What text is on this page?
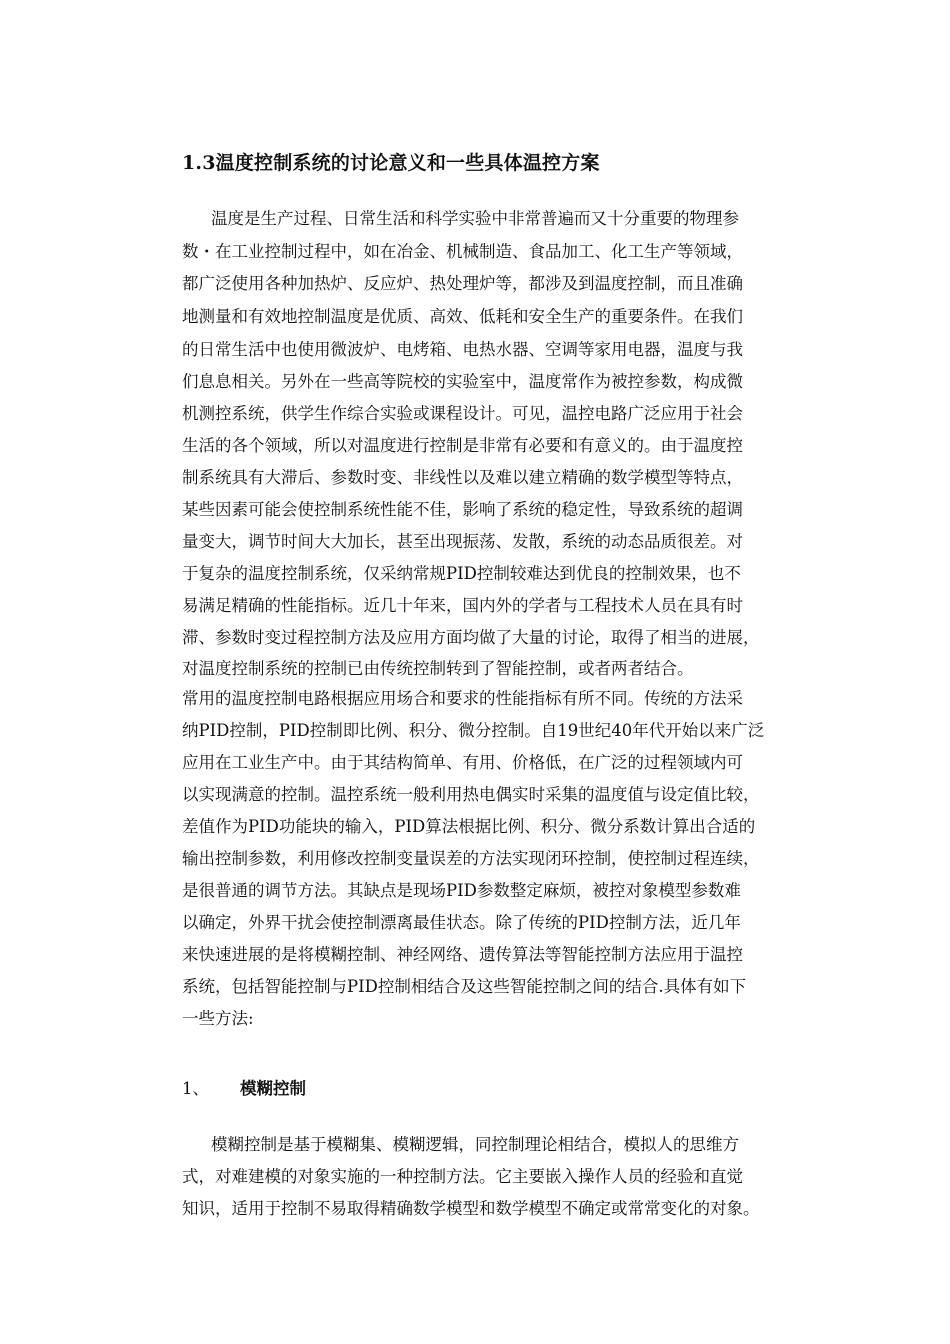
1.3温度控制系统的讨论意义和一些具体温控方案
温度是生产过程、日常生活和科学实验中非常普遍而又十分重要的物理参
数・在工业控制过程中，如在冶金、机械制造、食品加工、化工生产等领域，
都广泛使用各种加热炉、反应炉、热处理炉等，都涉及到温度控制，而且准确
地测量和有效地控制温度是优质、高效、低耗和安全生产的重要条件。在我们
的日常生活中也使用微波炉、电烤箱、电热水器、空调等家用电器，温度与我
们息息相关。另外在一些高等院校的实验室中，温度常作为被控参数，构成微
机测控系统，供学生作综合实验或课程设计。可见，温控电路广泛应用于社会
生活的各个领域，所以对温度进行控制是非常有必要和有意义的。由于温度控
制系统具有大滞后、参数时变、非线性以及难以建立精确的数学模型等特点，
某些因素可能会使控制系统性能不佳，影响了系统的稳定性，导致系统的超调
量变大，调节时间大大加长，甚至出现振荡、发散，系统的动态品质很差。对
于复杂的温度控制系统，仅采纳常规PID控制较难达到优良的控制效果，也不
易满足精确的性能指标。近几十年来，国内外的学者与工程技术人员在具有时
滞、参数时变过程控制方法及应用方面均做了大量的讨论，取得了相当的进展，
对温度控制系统的控制已由传统控制转到了智能控制，或者两者结合。
常用的温度控制电路根据应用场合和要求的性能指标有所不同。传统的方法采
纳PID控制，PID控制即比例、积分、微分控制。自19世纪40年代开始以来广泛
应用在工业生产中。由于其结构简单、有用、价格低，在广泛的过程领域内可
以实现满意的控制。温控系统一般利用热电偶实时采集的温度值与设定值比较，
差值作为PID功能块的输入，PID算法根据比例、积分、微分系数计算出合适的
输出控制参数，利用修改控制变量误差的方法实现闭环控制，使控制过程连续，
是很普通的调节方法。其缺点是现场PID参数整定麻烦，被控对象模型参数难
以确定，外界干扰会使控制漂离最佳状态。除了传统的PID控制方法，近几年
来快速进展的是将模糊控制、神经网络、遗传算法等智能控制方法应用于温控
系统，包括智能控制与PID控制相结合及这些智能控制之间的结合.具体有如下
一些方法:
1、 模糊控制
模糊控制是基于模糊集、模糊逻辑，同控制理论相结合，模拟人的思维方
式，对难建模的对象实施的一种控制方法。它主要嵌入操作人员的经验和直觉
知识，适用于控制不易取得精确数学模型和数学模型不确定或常常变化的对象。
